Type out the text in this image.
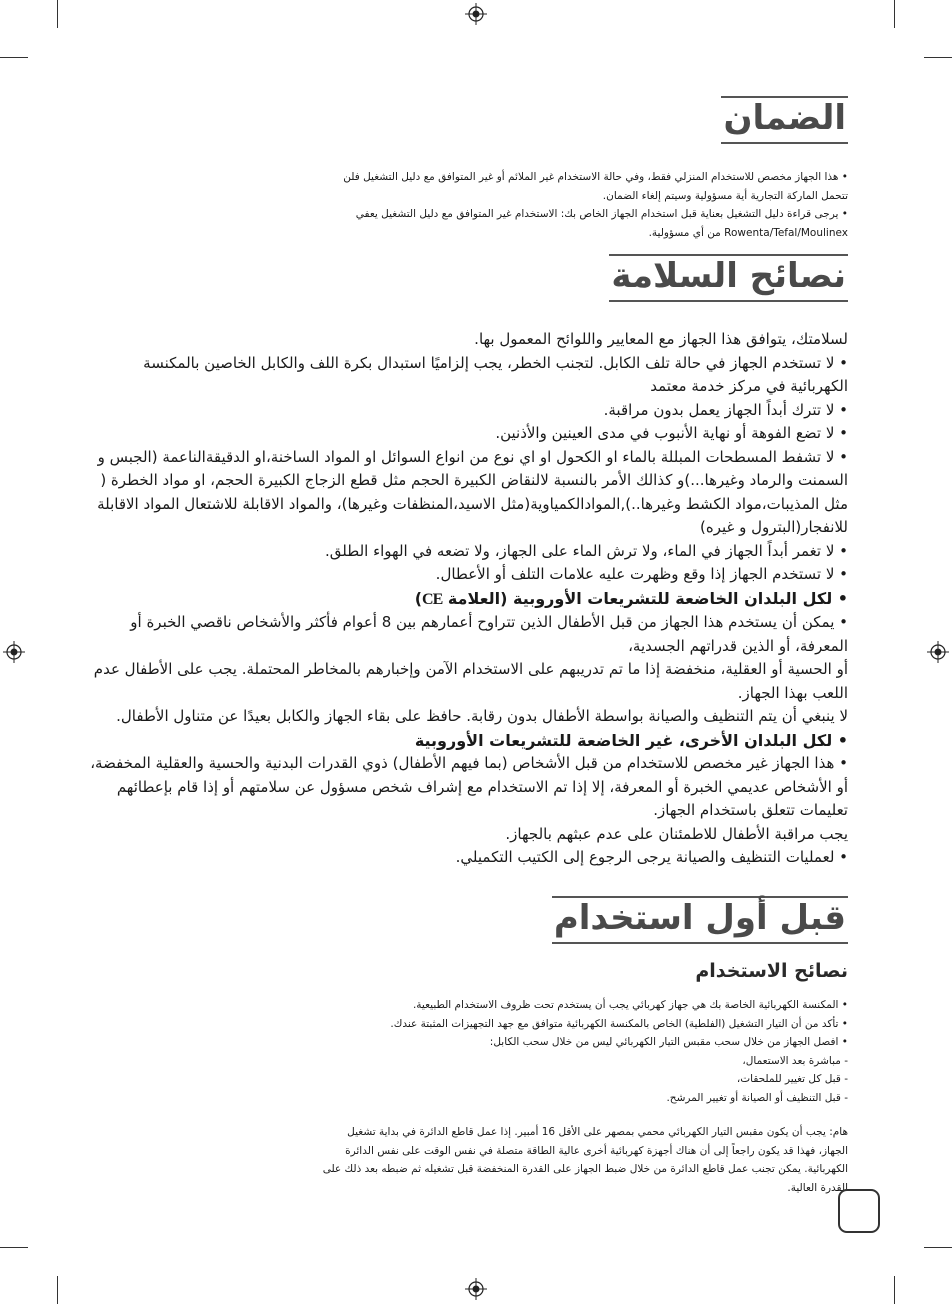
الضمان

• هذا الجهاز مخصص للاستخدام المنزلي فقط، وفي حالة الاستخدام غير الملائم أو غير المتوافق مع دليل التشغيل فلن

تتحمل الماركة التجارية أية مسؤولية وسيتم إلغاء الضمان.

• يرجى قراءة دليل التشغيل بعناية قبل استخدام الجهاز الخاص بك: الاستخدام غير المتوافق مع دليل التشغيل يعفي

Rowenta/Tefal/Moulinex من أي مسؤولية.

نصائح السلامة

لسلامتك، يتوافق هذا الجهاز مع المعايير واللوائح المعمول بها.

• لا تستخدم الجهاز في حالة تلف الكابل. لتجنب الخطر، يجب إلزاميًا استبدال بكرة اللف والكابل الخاصين بالمكنسة الكهربائية في مركز خدمة معتمد

• لا تترك أبداً الجهاز يعمل بدون مراقبة.

• لا تضع الفوهة أو نهاية الأنبوب في مدى العينين والأذنين.

• لا تشفط المسطحات المبللة بالماء او الكحول او اي نوع من انواع السوائل او المواد الساخنة،او الدقيقةالناعمة (الجبس و السمنت والرماد وغيرها...)و كذالك الأمر بالنسبة لالنقاض الكبيرة الحجم مثل قطع الزجاج الكبيرة الحجم، او مواد الخطرة ( مثل المذيبات،مواد الكشط وغيرها..),الموادالكمياوية(مثل الاسيد،المنظفات وغيرها)، والمواد الاقابلة للاشتعال المواد الاقابلة للانفجار(البترول و غيره)

• لا تغمر أبداً الجهاز في الماء، ولا ترش الماء على الجهاز، ولا تضعه في الهواء الطلق.

• لا تستخدم الجهاز إذا وقع وظهرت عليه علامات التلف أو الأعطال.

• لكل البلدان الخاضعة للتشريعات الأوروبية (العلامة CE)

• يمكن أن يستخدم هذا الجهاز من قبل الأطفال الذين تتراوح أعمارهم بين 8 أعوام فأكثر والأشخاص ناقصي الخبرة أو المعرفة، أو الذين قدراتهم الجسدية،

أو الحسية أو العقلية، منخفضة إذا ما تم تدريبهم على الاستخدام الآمن وإخبارهم بالمخاطر المحتملة. يجب على الأطفال عدم اللعب بهذا الجهاز.

لا ينبغي أن يتم التنظيف والصيانة بواسطة الأطفال بدون رقابة. حافظ على بقاء الجهاز والكابل بعيدًا عن متناول الأطفال.

• لكل البلدان الأخرى، غير الخاضعة للتشريعات الأوروبية

• هذا الجهاز غير مخصص للاستخدام من قبل الأشخاص (بما فيهم الأطفال) ذوي القدرات البدنية والحسية والعقلية المخفضة، أو الأشخاص عديمي الخبرة أو المعرفة، إلا إذا تم الاستخدام مع إشراف شخص مسؤول عن سلامتهم أو إذا قام بإعطائهم تعليمات تتعلق باستخدام الجهاز.

يجب مراقبة الأطفال للاطمئنان على عدم عبثهم بالجهاز.

• لعمليات التنظيف والصيانة يرجى الرجوع إلى الكتيب التكميلي.

قبل أول استخدام
نصائح الاستخدام

• المكنسة الكهربائية الخاصة بك هي جهاز كهربائي يجب أن يستخدم تحت ظروف الاستخدام الطبيعية.

• تأكد من أن التيار التشغيل (الفلطية) الخاص بالمكنسة الكهربائية متوافق مع جهد التجهيزات المثبتة عندك.

• افصل الجهاز من خلال سحب مقبس التيار الكهربائي ليس من خلال سحب الكابل:

- مباشرة بعد الاستعمال،

- قبل كل تغيير للملحقات،

- قبل التنظيف أو الصيانة أو تغيير المرشح.

هام: يجب أن يكون مقبس التيار الكهربائي محمي بمصهر على الأقل 16 أمبير. إذا عمل قاطع الدائرة في بداية تشغيل

الجهاز، فهذا قد يكون راجعاً إلى أن هناك أجهزة كهربائية أخرى عالية الطاقة متصلة في نفس الوقت على نفس الدائرة

الكهربائية. يمكن تجنب عمل قاطع الدائرة من خلال ضبط الجهاز على القدرة المنخفضة قبل تشغيله ثم ضبطه بعد ذلك على

القدرة العالية.
